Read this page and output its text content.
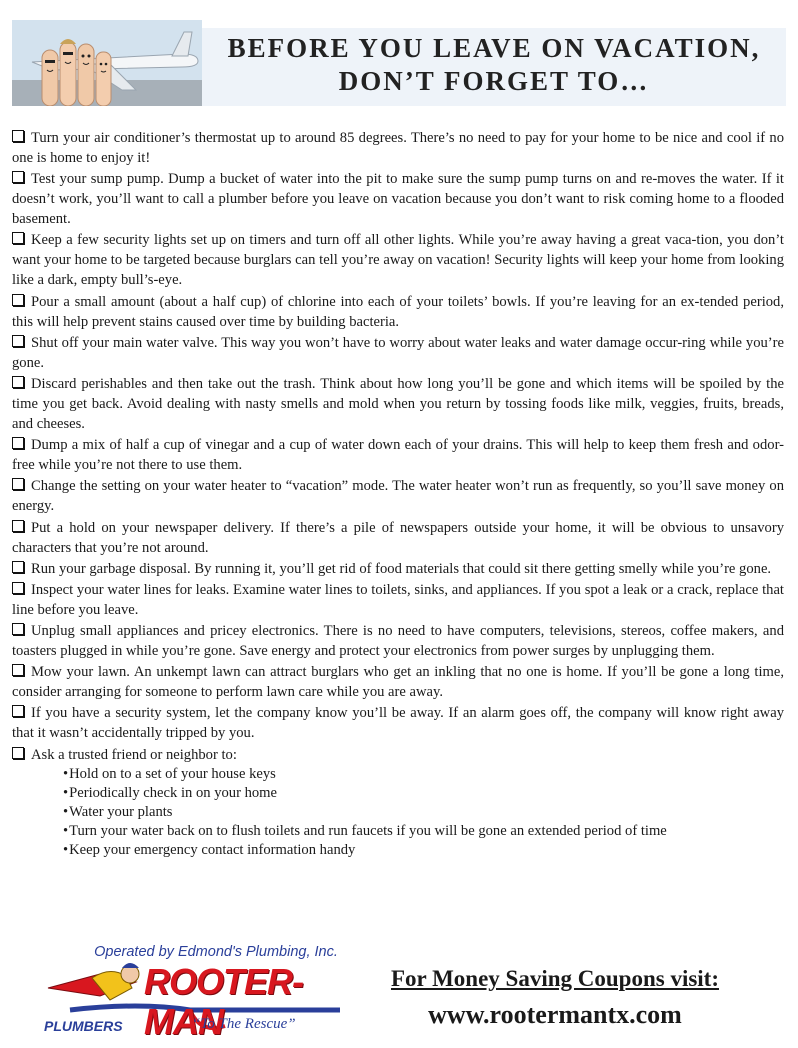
BEFORE YOU LEAVE ON VACATION,
DON’T FORGET TO…
Turn your air conditioner’s thermostat up to around 85 degrees. There’s no need to pay for your home to be nice and cool if no one is home to enjoy it!
Test your sump pump. Dump a bucket of water into the pit to make sure the sump pump turns on and re-moves the water. If it doesn’t work, you’ll want to call a plumber before you leave on vacation because you don’t want to risk coming home to a flooded basement.
Keep a few security lights set up on timers and turn off all other lights. While you’re away having a great vaca-tion, you don’t want your home to be targeted because burglars can tell you’re away on vacation! Security lights will keep your home from looking like a dark, empty bull’s-eye.
Pour a small amount (about a half cup) of chlorine into each of your toilets’ bowls. If you’re leaving for an ex-tended period, this will help prevent stains caused over time by building bacteria.
Shut off your main water valve. This way you won’t have to worry about water leaks and water damage occur-ring while you’re gone.
Discard perishables and then take out the trash. Think about how long you’ll be gone and which items will be spoiled by the time you get back. Avoid dealing with nasty smells and mold when you return by tossing foods like milk, veggies, fruits, breads, and cheeses.
Dump a mix of half a cup of vinegar and a cup of water down each of your drains. This will help to keep them fresh and odor-free while you’re not there to use them.
Change the setting on your water heater to “vacation” mode. The water heater won’t run as frequently, so you’ll save money on energy.
Put a hold on your newspaper delivery. If there’s a pile of newspapers outside your home, it will be obvious to unsavory characters that you’re not around.
Run your garbage disposal. By running it, you’ll get rid of food materials that could sit there getting smelly while you’re gone.
Inspect your water lines for leaks. Examine water lines to toilets, sinks, and appliances. If you spot a leak or a crack, replace that line before you leave.
Unplug small appliances and pricey electronics. There is no need to have computers, televisions, stereos, coffee makers, and toasters plugged in while you’re gone. Save energy and protect your electronics from power surges by unplugging them.
Mow your lawn. An unkempt lawn can attract burglars who get an inkling that no one is home. If you’ll be gone a long time, consider arranging for someone to perform lawn care while you are away.
If you have a security system, let the company know you’ll be away. If an alarm goes off, the company will know right away that it wasn’t accidentally tripped by you.
Ask a trusted friend or neighbor to:
• Hold on to a set of your house keys
• Periodically check in on your home
• Water your plants
• Turn your water back on to flush toilets and run faucets if you will be gone an extended period of time
• Keep your emergency contact information handy
Operated by Edmond's Plumbing, Inc.
ROOTER-MAN
PLUMBERS	“To The Rescue”
For Money Saving Coupons visit:
www.rootermantx.com
